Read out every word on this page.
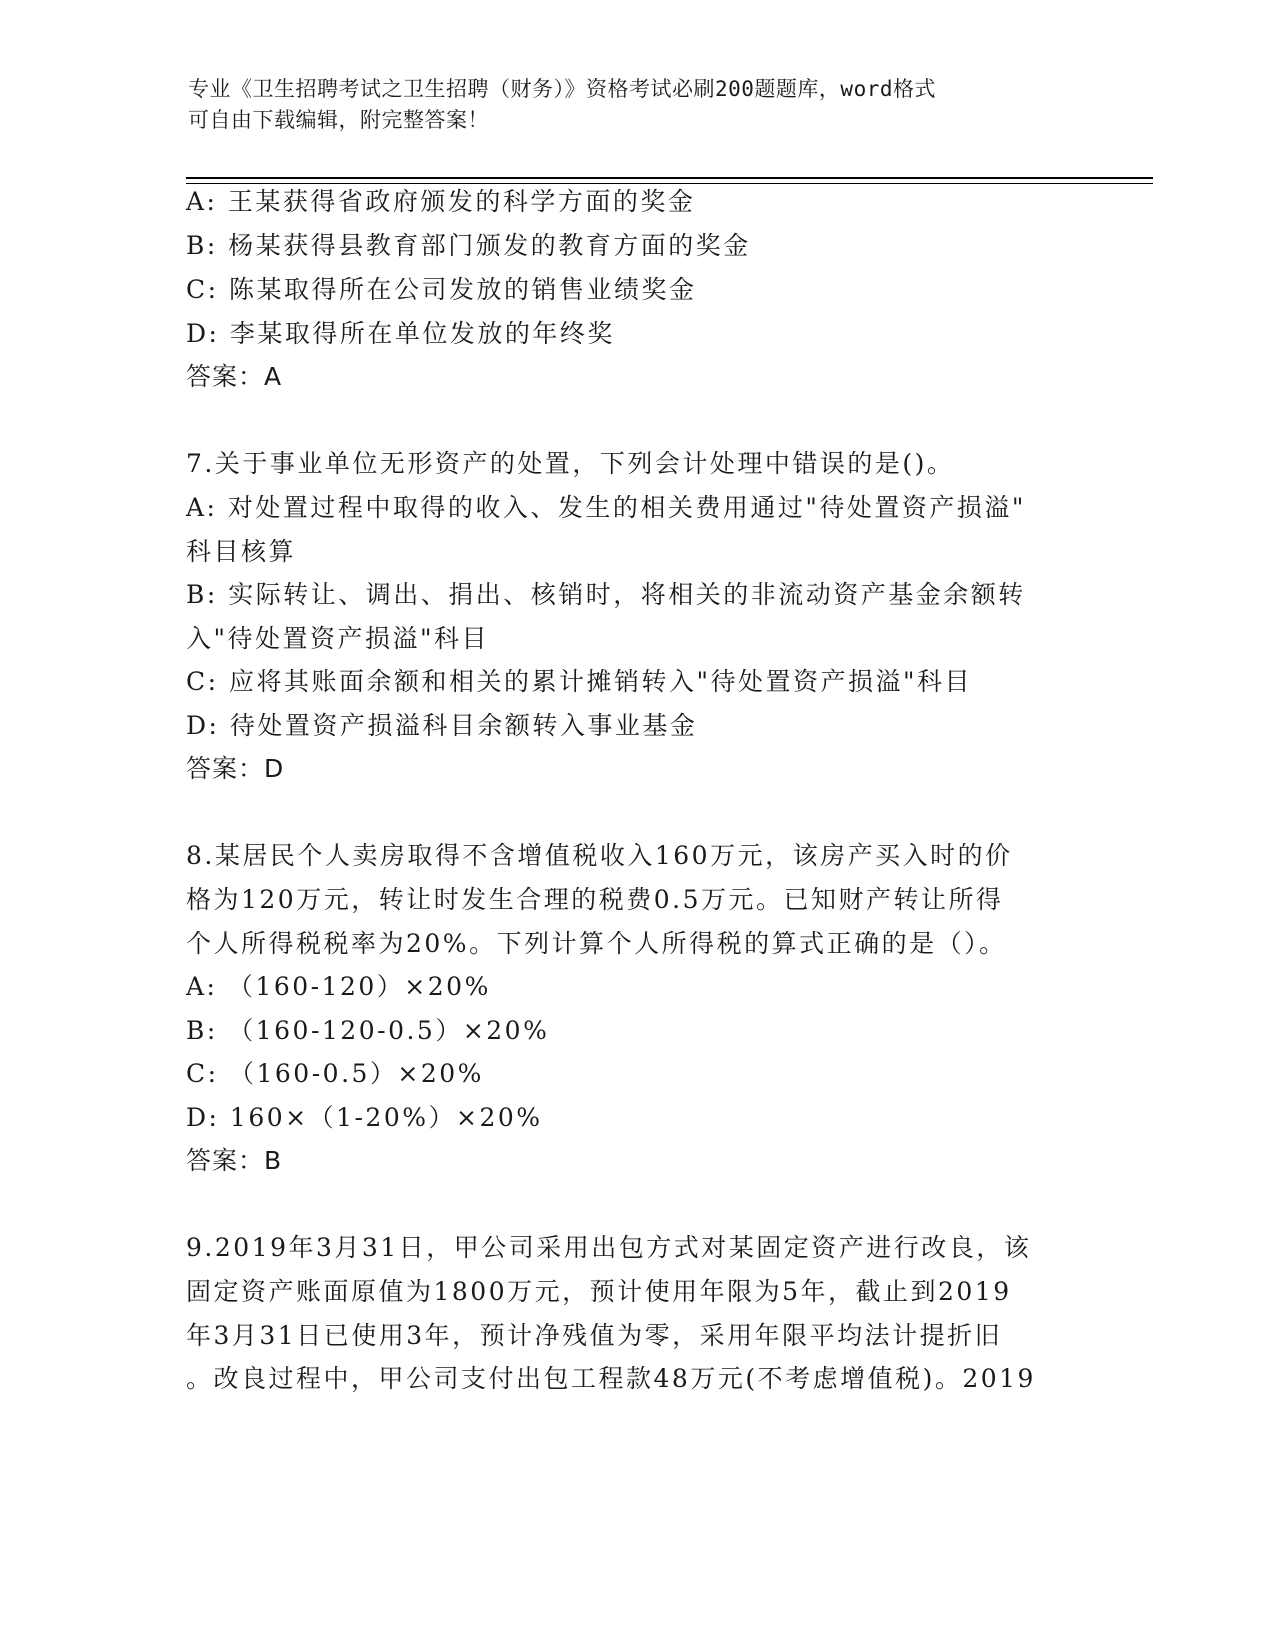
专业《卫生招聘考试之卫生招聘（财务）》资格考试必刷200题题库，word格式
可自由下载编辑，附完整答案！
A: 王某获得省政府颁发的科学方面的奖金
B: 杨某获得县教育部门颁发的教育方面的奖金
C: 陈某取得所在公司发放的销售业绩奖金
D: 李某取得所在单位发放的年终奖
答案：A
7.关于事业单位无形资产的处置，下列会计处理中错误的是()。
A: 对处置过程中取得的收入、发生的相关费用通过"待处置资产损溢"
科目核算
B: 实际转让、调出、捐出、核销时，将相关的非流动资产基金余额转
入"待处置资产损溢"科目
C: 应将其账面余额和相关的累计摊销转入"待处置资产损溢"科目
D: 待处置资产损溢科目余额转入事业基金
答案：D
8.某居民个人卖房取得不含增值税收入160万元，该房产买入时的价
格为120万元，转让时发生合理的税费0.5万元。已知财产转让所得
个人所得税税率为20%。下列计算个人所得税的算式正确的是（）。
A: （160-120）×20%
B: （160-120-0.5）×20%
C: （160-0.5）×20%
D: 160×（1-20%）×20%
答案：B
9.2019年3月31日，甲公司采用出包方式对某固定资产进行改良，该
固定资产账面原值为1800万元，预计使用年限为5年，截止到2019
年3月31日已使用3年，预计净残值为零，采用年限平均法计提折旧
。改良过程中，甲公司支付出包工程款48万元(不考虑增值税)。2019
